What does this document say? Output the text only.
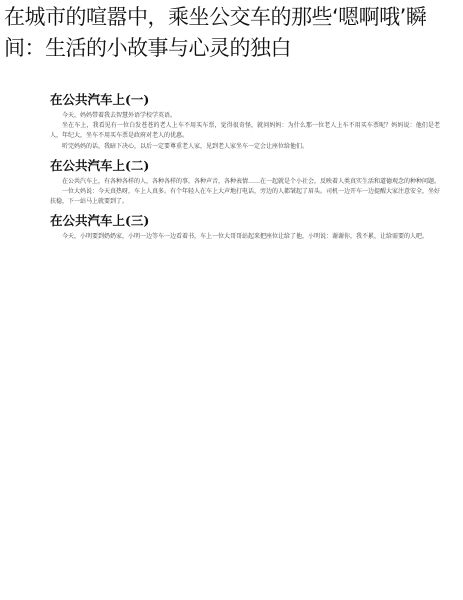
在城市的喧嚣中，乘坐公交车的那些‘嗯啊哦’瞬间：生活的小故事与心灵的独白
在公共汽车上(一)

今天，妈妈带着我去智慧外语学校学英语。

坐在车上，我看见有一位白发苍苍的老人上车不用买车票，觉得很奇怪，就问妈妈：为什么那一位老人上车不用买车票呢？妈妈说：他们是老人，年纪大，坐车不用买车票是政府对老人的优惠。

听完妈妈的话，我暗下决心，以后一定要尊重老人家，见到老人家坐车一定会让座位给他们。

在公共汽车上(二)

在公共汽车上，有各种各样的人，各种各样的事，各种声音，各种表情……在一起就是个小社会，反映着人类真实生活和道德观念的种种问题。

一位大妈说：今天真热呀，车上人真多。有个年轻人在车上大声地打电话，旁边的人都皱起了眉头。司机一边开车一边提醒大家注意安全，坐好扶稳，下一站马上就要到了。

在公共汽车上(三)

今天，小明要到奶奶家，小明一边等车一边看着书，车上一位大哥哥站起来把座位让给了他，小明说：谢谢你，我不累，让给需要的人吧。
